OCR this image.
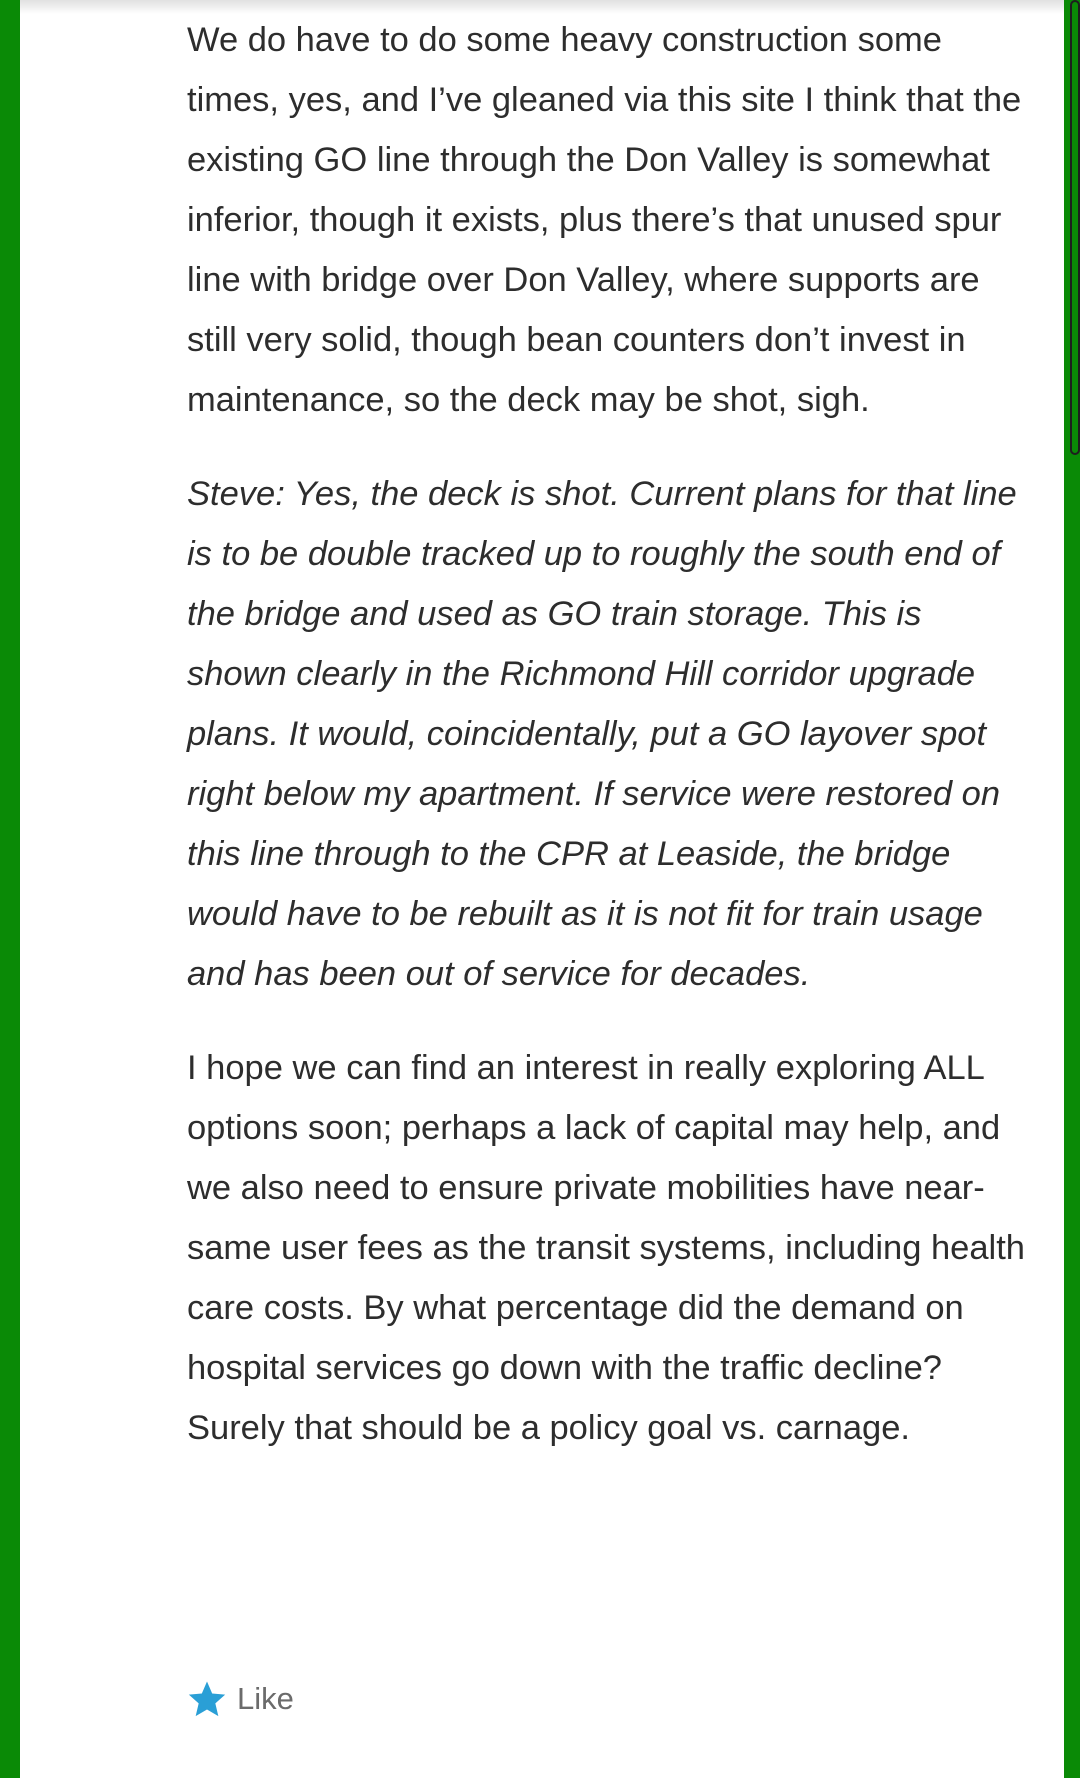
We do have to do some heavy construction some times, yes, and I’ve gleaned via this site I think that the existing GO line through the Don Valley is somewhat inferior, though it exists, plus there’s that unused spur line with bridge over Don Valley, where supports are still very solid, though bean counters don’t invest in maintenance, so the deck may be shot, sigh.

Steve: Yes, the deck is shot. Current plans for that line is to be double tracked up to roughly the south end of the bridge and used as GO train storage. This is shown clearly in the Richmond Hill corridor upgrade plans. It would, coincidentally, put a GO layover spot right below my apartment. If service were restored on this line through to the CPR at Leaside, the bridge would have to be rebuilt as it is not fit for train usage and has been out of service for decades.

I hope we can find an interest in really exploring ALL options soon; perhaps a lack of capital may help, and we also need to ensure private mobilities have near-same user fees as the transit systems, including health care costs. By what percentage did the demand on hospital services go down with the traffic decline? Surely that should be a policy goal vs. carnage.

Like
